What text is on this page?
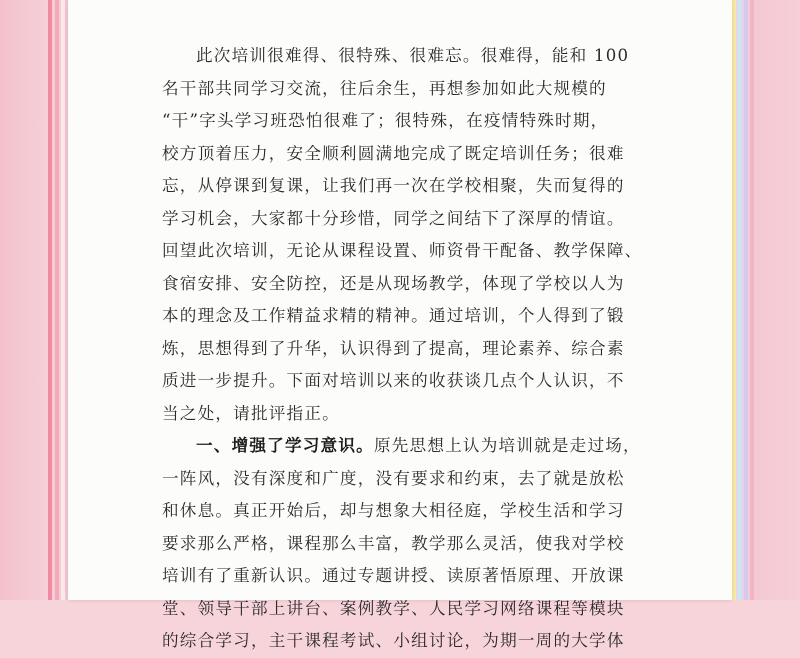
此次培训很难得、很特殊、很难忘。很难得，能和 100
名干部共同学习交流，往后余生，再想参加如此大规模的
“干”字头学习班恐怕很难了；很特殊，在疫情特殊时期，
校方顶着压力，安全顺利圆满地完成了既定培训任务；很难
忘，从停课到复课，让我们再一次在学校相聚，失而复得的
学习机会，大家都十分珍惜，同学之间结下了深厚的情谊。
回望此次培训，无论从课程设置、师资骨干配备、教学保障、
食宿安排、安全防控，还是从现场教学，体现了学校以人为
本的理念及工作精益求精的精神。通过培训，个人得到了锻
炼，思想得到了升华，认识得到了提高，理论素养、综合素
质进一步提升。下面对培训以来的收获谈几点个人认识，不
当之处，请批评指正。
一、增强了学习意识。原先思想上认为培训就是走过场，
一阵风，没有深度和广度，没有要求和约束，去了就是放松
和休息。真正开始后，却与想象大相径庭，学校生活和学习
要求那么严格，课程那么丰富，教学那么灵活，使我对学校
培训有了重新认识。通过专题讲授、读原著悟原理、开放课
堂、领导干部上讲台、案例教学、人民学习网络课程等模块
的综合学习，主干课程考试、小组讨论，为期一周的大学体
